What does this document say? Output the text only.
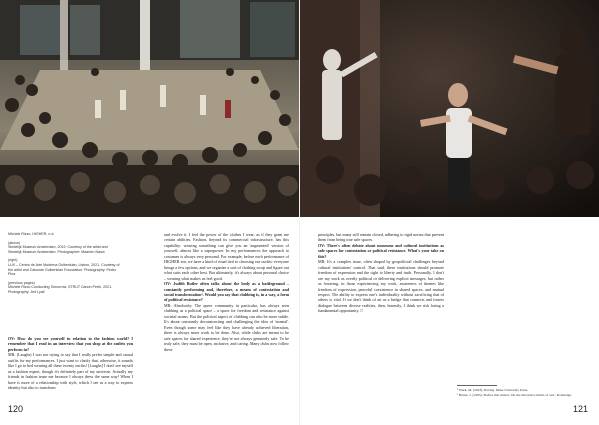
Michele Rizzo, HIGHER, n.d.

(above)
Stedelijk Museum Amsterdam, 2019. Courtesy of the artist and Stedelijk Museum Amsterdam. Photographer: Maarten Nauw

(right)
LUX – Centro de Arte Moderna Gulbenkian, Lisbon, 2021. Courtesy of the artist and Calouste Gulbenkian Foundation. Photography: Pedro Pina

(previous pages)
Michele Rizzo Conducting Tomorrow, STRUT Canon Perth, 2021. Photography: Jed Lyall

OV: How do you see yourself in relation to the fashion world? I remember that I read in an interview that you shop at the outlets you perform in?

MR: (Laughs) I was not trying to say that I really prefer simple and casual outfits for my performances. I just want to clarify that, otherwise, it sounds like I go to bed wearing all these twenty outfits! [Laughs] I don't see myself as a fashion expert, though it's definitely part of my universe. Actually my friends in fashion tease me because I always dress the same way! When I have is more of a relationship with style, which I see as a way to express identity but also to transform

and evolve it. I feel the power of the clothes I wear, as if they grant me certain abilities. Fashion, beyond its commercial infrastructure, has this capability: wearing something can give you an 'augmented' version of yourself, almost like a superpower. In my performances the approach to costumes is always very personal. For example, before each performance of HIGHER xtn, we have a kind of ritual tied to choosing our outfits: everyone brings a few options, and we organize a sort of clothing swap and figure out what suits each other best. But ultimately, it's always about personal choice – wearing what makes us feel good.

OV: Judith Butler often talks about the body as a battleground – constantly performing and, therefore, a means of contestation and social transformation¹. Would you say that clubbing is, in a way, a form of political resistance?

MR: Absolutely. The queer community in particular, has always seen clubbing as a political space – a space for freedom and resistance against societal norms. But the political aspect of clubbing can also be more subtle. It's about constantly deconstructing and challenging the idea of 'normal'. Even though some may feel like they have already achieved liberation, there is always more work to be done. Also, while clubs are meant to be safe spaces for shared experience, they're not always genuinely safe. To be truly safe, they must be open, inclusive, and caring. Many clubs now follow these

principles, but many still remain closed, adhering to rigid norms that prevent them from being true safe spaces.

OV: There's often debate about museums and cultural institutions as safe spaces for contestation or political resistance. What's your take on this?

MR: It's a complex issue, often shaped by geopolitical challenges beyond cultural institutions' control. That said, these institutions should promote freedom of expression and the right to liberty and truth. Personally, I don't see my work as overtly political or delivering explicit messages, but rather as fostering, in those experiencing my work, awareness of themes like freedom of expression, peaceful coexistence in shared spaces, and mutual respect. The ability to express one's individuality without sacrificing that of others is vital. If we don't think of art as a bridge that connects and fosters dialogue between diverse realities, then, honestly, I think we risk losing a fundamental opportunity. □

¹ Wark, M. (2023). Raving. Duke University Press.

² Butler, J. (1993). Bodies that matter: On the discursive limits of 'sex'. Routledge.

120	121
